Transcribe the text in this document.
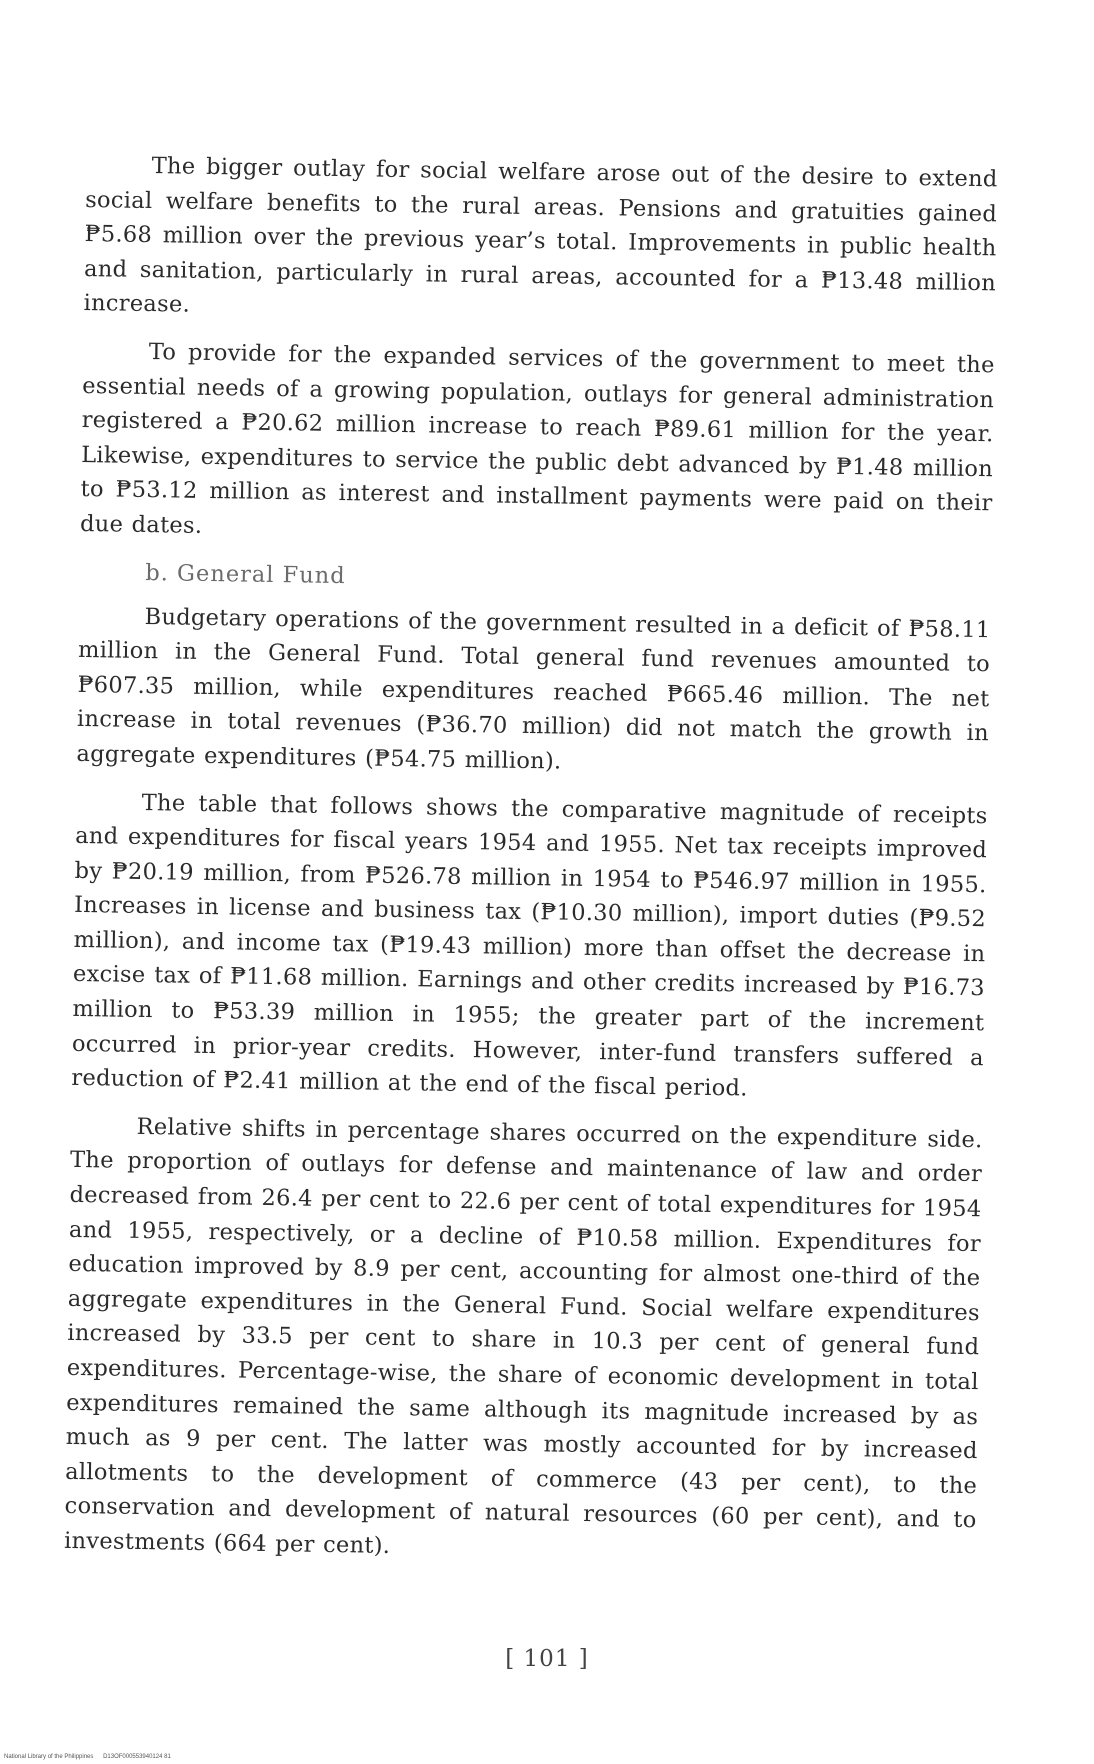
The bigger outlay for social welfare arose out of the desire to extend social welfare benefits to the rural areas. Pensions and gratuities gained ₱5.68 million over the previous year’s total. Improvements in public health and sanitation, particularly in rural areas, accounted for a ₱13.48 million increase.

To provide for the expanded services of the government to meet the essential needs of a growing population, outlays for general administration registered a ₱20.62 million increase to reach ₱89.61 million for the year. Likewise, expenditures to service the public debt advanced by ₱1.48 million to ₱53.12 million as interest and installment payments were paid on their due dates.

b. General Fund

Budgetary operations of the government resulted in a deficit of ₱58.11 million in the General Fund. Total general fund revenues amounted to ₱607.35 million, while expenditures reached ₱665.46 million. The net increase in total revenues (₱36.70 million) did not match the growth in aggregate expenditures (₱54.75 million).

The table that follows shows the comparative magnitude of receipts and expenditures for fiscal years 1954 and 1955. Net tax receipts improved by ₱20.19 million, from ₱526.78 million in 1954 to ₱546.97 million in 1955. Increases in license and business tax (₱10.30 million), import duties (₱9.52 million), and income tax (₱19.43 million) more than offset the decrease in excise tax of ₱11.68 million. Earnings and other credits increased by ₱16.73 million to ₱53.39 million in 1955; the greater part of the increment occurred in prior-year credits. However, inter-fund transfers suffered a reduction of ₱2.41 million at the end of the fiscal period.

Relative shifts in percentage shares occurred on the expenditure side. The proportion of outlays for defense and maintenance of law and order decreased from 26.4 per cent to 22.6 per cent of total expenditures for 1954 and 1955, respectively, or a decline of ₱10.58 million. Expenditures for education improved by 8.9 per cent, accounting for almost one-third of the aggregate expenditures in the General Fund. Social welfare expenditures increased by 33.5 per cent to share in 10.3 per cent of general fund expenditures. Percentage-wise, the share of economic development in total expenditures remained the same although its magnitude increased by as much as 9 per cent. The latter was mostly accounted for by increased allotments to the development of commerce (43 per cent), to the conservation and development of natural resources (60 per cent), and to investments (664 per cent).

[ 101 ]
National Library of the Philippines D13OF000553940124 81
